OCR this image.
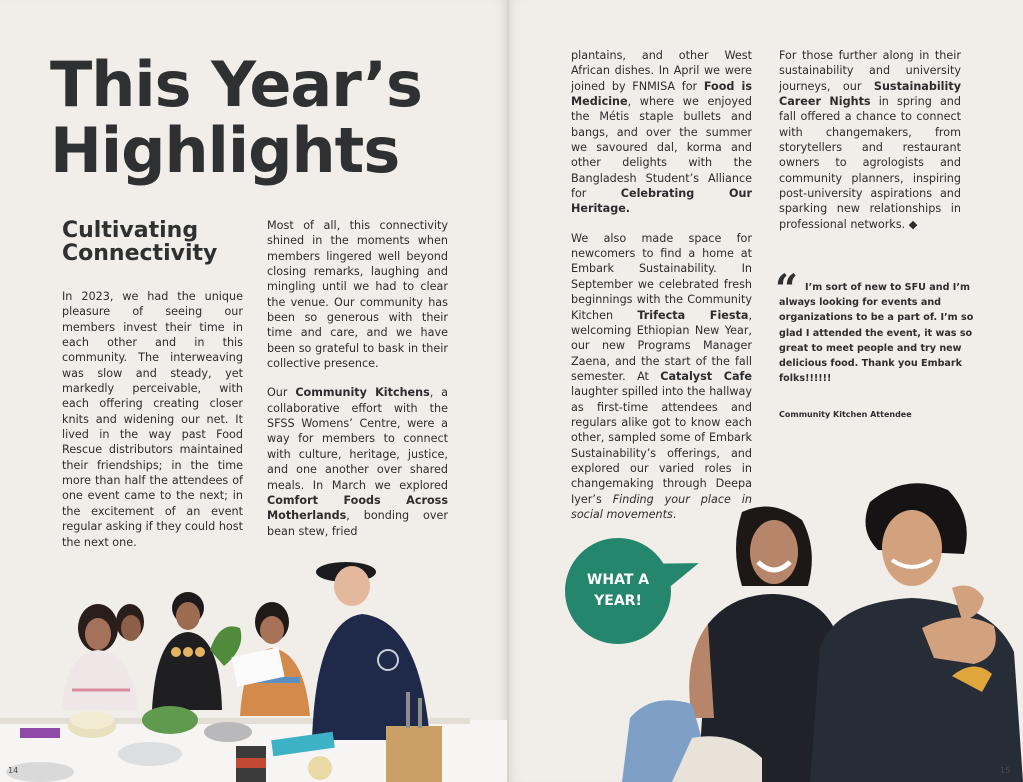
This Year’s
Highlights
Cultivating
Connectivity

In 2023, we had the unique pleasure of seeing our members invest their time in each other and in this community. The interweaving was slow and steady, yet markedly perceivable, with each offering creating closer knits and widening our net. It lived in the way past Food Rescue distributors maintained their friendships; in the time more than half the attendees of one event came to the next; in the excitement of an event regular asking if they could host the next one.

Most of all, this connectivity shined in the moments when members lingered well beyond closing remarks, laughing and mingling until we had to clear the venue. Our community has been so generous with their time and care, and we have been so grateful to bask in their collective presence.

Our Community Kitchens, a collaborative effort with the SFSS Womens’ Centre, were a way for members to connect with culture, heritage, justice, and one another over shared meals. In March we explored Comfort Foods Across Motherlands, bonding over bean stew, fried

14

plantains, and other West African dishes. In April we were joined by FNMISA for Food is Medicine, where we enjoyed the Métis staple bullets and bangs, and over the summer we savoured dal, korma and other delights with the Bangladesh Student’s Alliance for Celebrating Our Heritage.

We also made space for newcomers to find a home at Embark Sustainability. In September we celebrated fresh beginnings with the Community Kitchen Trifecta Fiesta, welcoming Ethiopian New Year, our new Programs Manager Zaena, and the start of the fall semester. At Catalyst Cafe laughter spilled into the hallway as first-time attendees and regulars alike got to know each other, sampled some of Embark Sustainability’s offerings, and explored our varied roles in changemaking through Deepa Iyer’s Finding your place in social movements.

For those further along in their sustainability and university journeys, our Sustainability Career Nights in spring and fall offered a chance to connect with changemakers, from storytellers and restaurant owners to agrologists and community planners, inspiring post-university aspirations and sparking new relationships in professional networks. ◆

“ I’m sort of new to SFU and I’m always looking for events and organizations to be a part of. I’m so glad I attended the event, it was so great to meet people and try new delicious food. Thank you Embark folks!!!!!!

Community Kitchen Attendee
WHAT A YEAR!
15
